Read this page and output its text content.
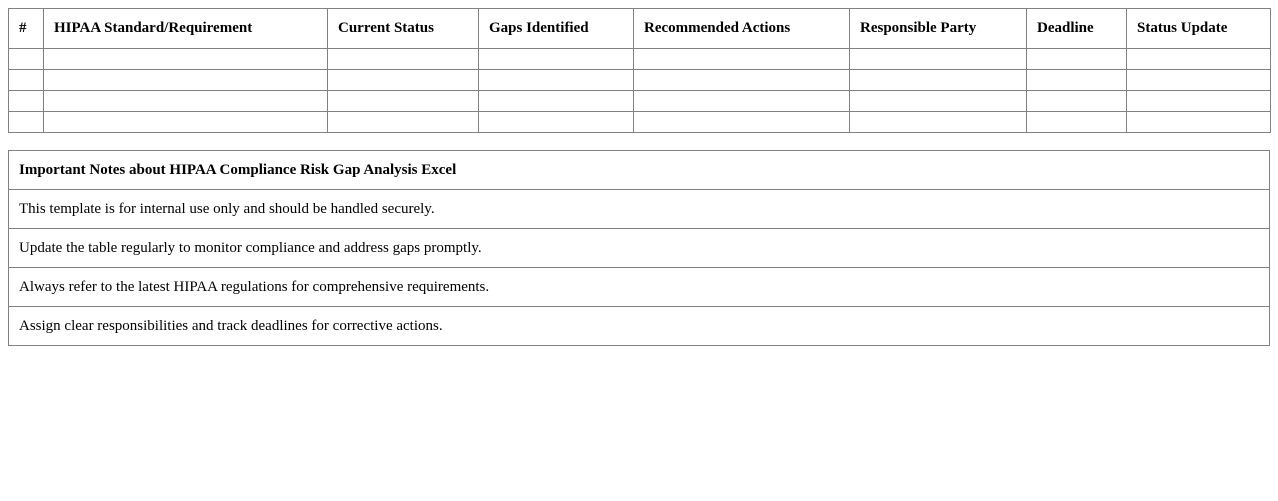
#	HIPAA Standard/Requirement	Current Status	Gaps Identified	Recommended Actions	Responsible Party	Deadline	Status Update

Important Notes about HIPAA Compliance Risk Gap Analysis Excel
This template is for internal use only and should be handled securely.
Update the table regularly to monitor compliance and address gaps promptly.
Always refer to the latest HIPAA regulations for comprehensive requirements.
Assign clear responsibilities and track deadlines for corrective actions.
